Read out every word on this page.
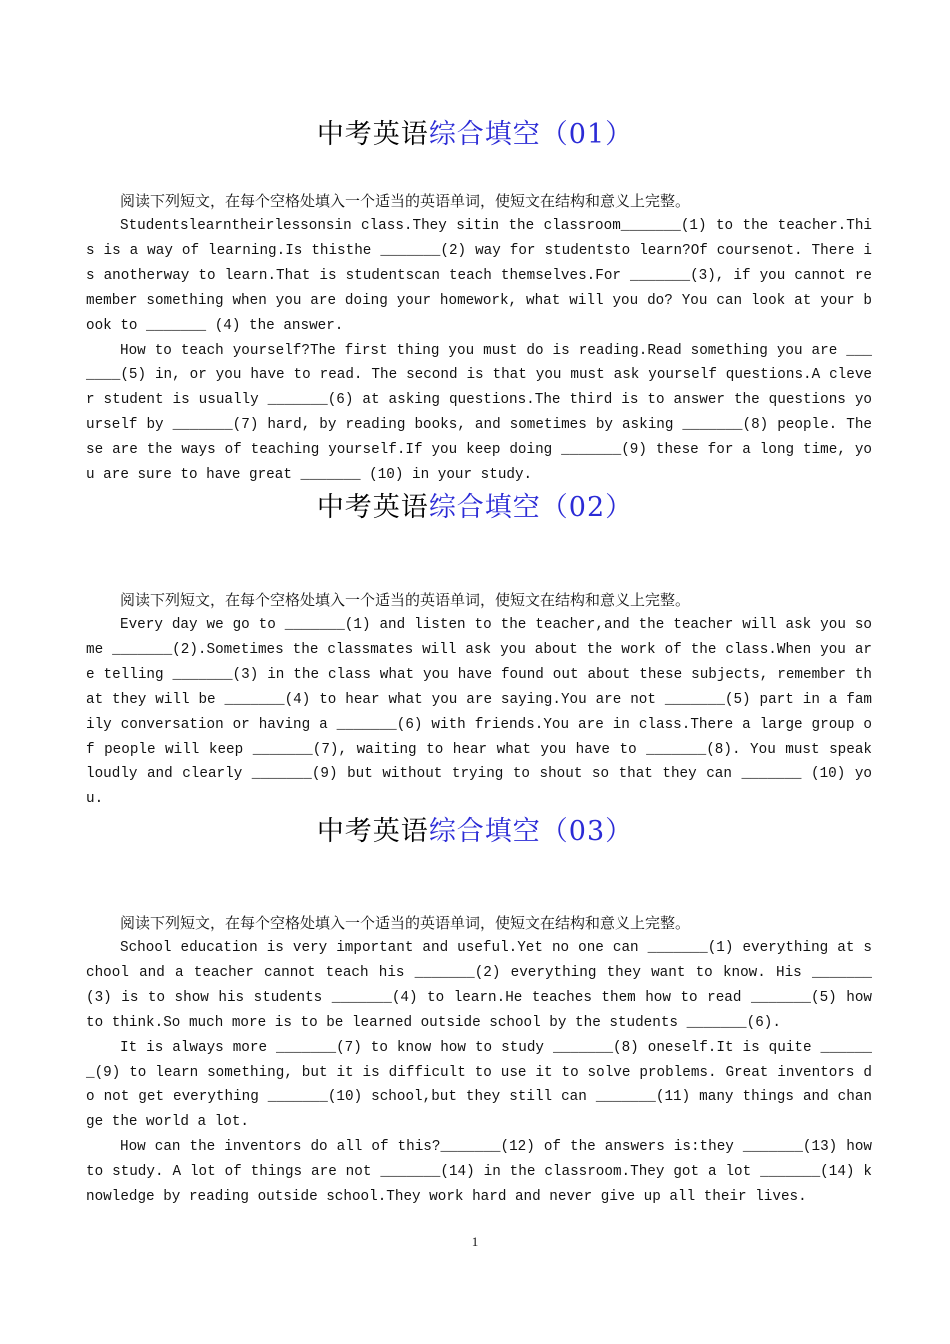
中考英语综合填空（01）

阅读下列短文，在每个空格处填入一个适当的英语单词，使短文在结构和意义上完整。

Studentslearntheirlessonsin class.They sitin the classroom_______(1) to the teacher.This is a way of learning.Is thisthe _______(2) way for studentsto learn?Of coursenot. There is anotherway to learn.That is studentscan teach themselves.For _______(3), if you cannot remember something when you are doing your homework, what will you do? You can look at your book to _______ (4) the answer.

How to teach yourself?The first thing you must do is reading.Read something you are _______(5) in, or you have to read. The second is that you must ask yourself questions.A clever student is usually _______(6) at asking questions.The third is to answer the questions yourself by _______(7) hard, by reading books, and sometimes by asking _______(8) people. These are the ways of teaching yourself.If you keep doing _______(9) these for a long time, you are sure to have great _______ (10) in your study.

中考英语综合填空（02）

阅读下列短文，在每个空格处填入一个适当的英语单词，使短文在结构和意义上完整。

Every day we go to _______(1) and listen to the teacher,and the teacher will ask you some _______(2).Sometimes the classmates will ask you about the work of the class.When you are telling _______(3) in the class what you have found out about these subjects, remember that they will be _______(4) to hear what you are saying.You are not _______(5) part in a family conversation or having a _______(6) with friends.You are in class.There a large group of people will keep _______(7), waiting to hear what you have to _______(8). You must speak loudly and clearly _______(9) but without trying to shout so that they can _______ (10) you.

中考英语综合填空（03）

阅读下列短文，在每个空格处填入一个适当的英语单词，使短文在结构和意义上完整。

School education is very important and useful.Yet no one can _______(1) everything at school and a teacher cannot teach his _______(2) everything they want to know. His _______(3) is to show his students _______(4) to learn.He teaches them how to read _______(5) how to think.So much more is to be learned outside school by the students _______(6).

It is always more _______(7) to know how to study _______(8) oneself.It is quite _______(9) to learn something, but it is difficult to use it to solve problems. Great inventors do not get everything _______(10) school,but they still can _______(11) many things and change the world a lot.

How can the inventors do all of this?_______(12) of the answers is:they _______(13) how to study. A lot of things are not _______(14) in the classroom.They got a lot _______(14) knowledge by reading outside school.They work hard and never give up all their lives.

1
